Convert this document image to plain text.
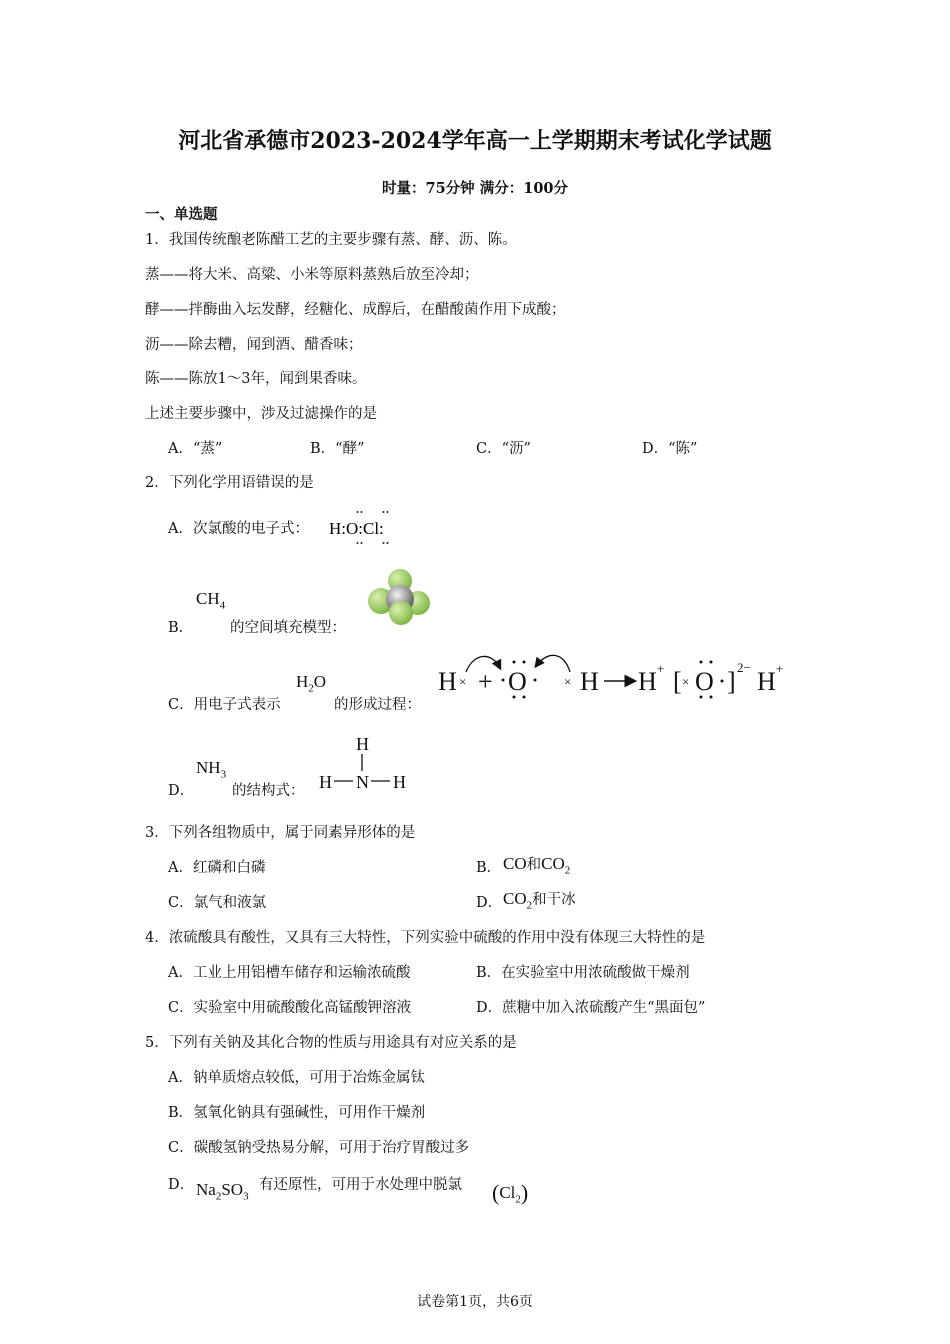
河北省承德市2023-2024学年高一上学期期末考试化学试题
时量：75分钟 满分：100分
一、单选题
1．我国传统酿老陈醋工艺的主要步骤有蒸、酵、沥、陈。
蒸——将大米、高粱、小米等原料蒸熟后放至冷却；
酵——拌酶曲入坛发酵，经糖化、成醇后，在醋酸菌作用下成酸；
沥——除去糟，闻到酒、醋香味；
陈——陈放1～3年，闻到果香味。
上述主要步骤中，涉及过滤操作的是
A．“蒸”	B．“酵”	C．“沥”	D．“陈”
2．下列化学用语错误的是
A．次氯酸的电子式： H:O:Cl:
B．
$CH_4$
的空间填充模型：
C．用电子式表示
$H_2O$
的形成过程：
H + O H H [ O ] H
×	×
+
×
2− +
D．
$NH_3$
的结构式：
H
H N H
3．下列各组物质中，属于同素异形体的是
A．红磷和白磷	B． CO和$CO_2$
C．氯气和液氯	D． $CO_2$和干冰
4．浓硫酸具有酸性，又具有三大特性，下列实验中硫酸的作用中没有体现三大特性的是
A．工业上用铝槽车储存和运输浓硫酸	B．在实验室中用浓硫酸做干燥剂
C．实验室中用硫酸酸化高锰酸钾溶液	D．蔗糖中加入浓硫酸产生“黑面包”
5．下列有关钠及其化合物的性质与用途具有对应关系的是
A．钠单质熔点较低，可用于冶炼金属钛
B．氢氧化钠具有强碱性，可用作干燥剂
C．碳酸氢钠受热易分解，可用于治疗胃酸过多
D． $Na_2SO_3$
有还原性，可用于水处理中脱氯 $(Cl_2)$
试卷第1页，共6页
